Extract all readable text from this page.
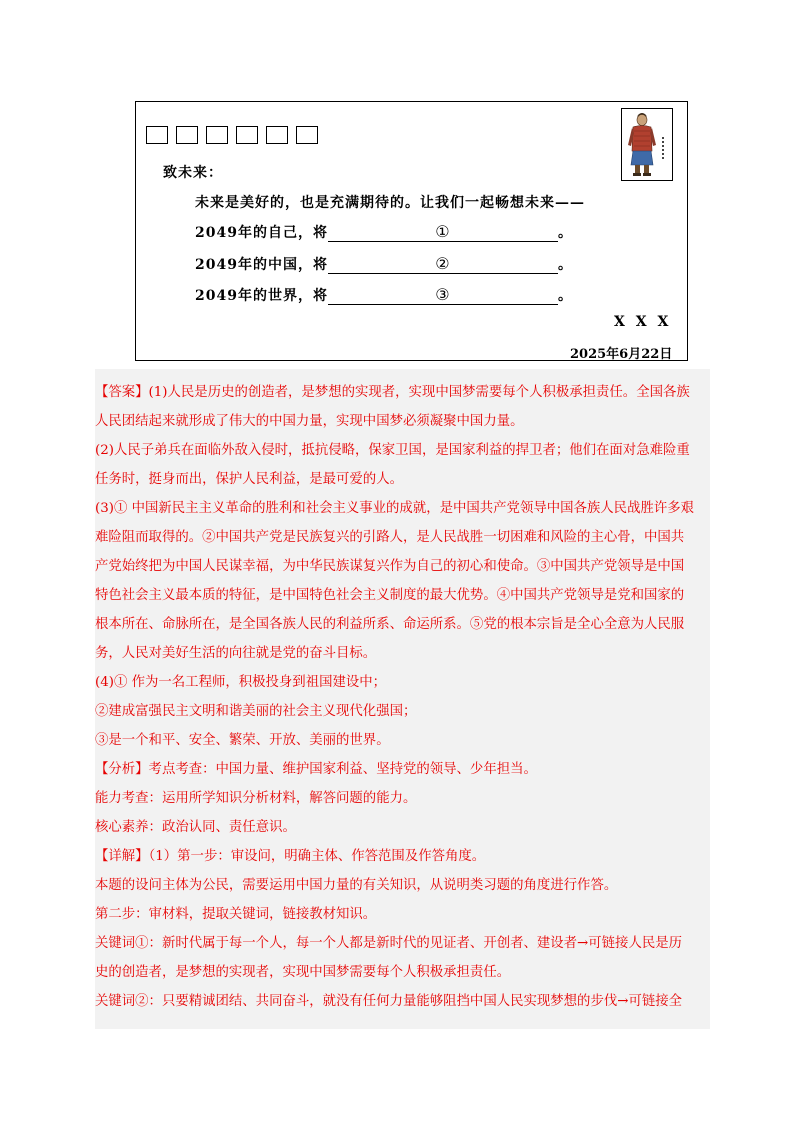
致未来：
未来是美好的，也是充满期待的。让我们一起畅想未来——
2049年的自己，将	①	。
2049年的中国，将	②	。
2049年的世界，将	③	。
X X X
2025年6月22日
【答案】(1)人民是历史的创造者，是梦想的实现者，实现中国梦需要每个人积极承担责任。全国各族
人民团结起来就形成了伟大的中国力量，实现中国梦必须凝聚中国力量。
(2)人民子弟兵在面临外敌入侵时，抵抗侵略，保家卫国，是国家利益的捍卫者；他们在面对急难险重
任务时，挺身而出，保护人民利益，是最可爱的人。
(3)① 中国新民主主义革命的胜利和社会主义事业的成就，是中国共产党领导中国各族人民战胜许多艰
难险阻而取得的。②中国共产党是民族复兴的引路人，是人民战胜一切困难和风险的主心骨，中国共
产党始终把为中国人民谋幸福，为中华民族谋复兴作为自己的初心和使命。③中国共产党领导是中国
特色社会主义最本质的特征，是中国特色社会主义制度的最大优势。④中国共产党领导是党和国家的
根本所在、命脉所在，是全国各族人民的利益所系、命运所系。⑤党的根本宗旨是全心全意为人民服
务，人民对美好生活的向往就是党的奋斗目标。
(4)① 作为一名工程师，积极投身到祖国建设中；
②建成富强民主文明和谐美丽的社会主义现代化强国；
③是一个和平、安全、繁荣、开放、美丽的世界。
【分析】考点考查：中国力量、维护国家利益、坚持党的领导、少年担当。
能力考查：运用所学知识分析材料，解答问题的能力。
核心素养：政治认同、责任意识。
【详解】（1）第一步：审设问，明确主体、作答范围及作答角度。
本题的设问主体为公民，需要运用中国力量的有关知识，从说明类习题的角度进行作答。
第二步：审材料，提取关键词，链接教材知识。
关键词①：新时代属于每一个人，每一个人都是新时代的见证者、开创者、建设者→可链接人民是历
史的创造者，是梦想的实现者，实现中国梦需要每个人积极承担责任。
关键词②：只要精诚团结、共同奋斗，就没有任何力量能够阻挡中国人民实现梦想的步伐→可链接全
